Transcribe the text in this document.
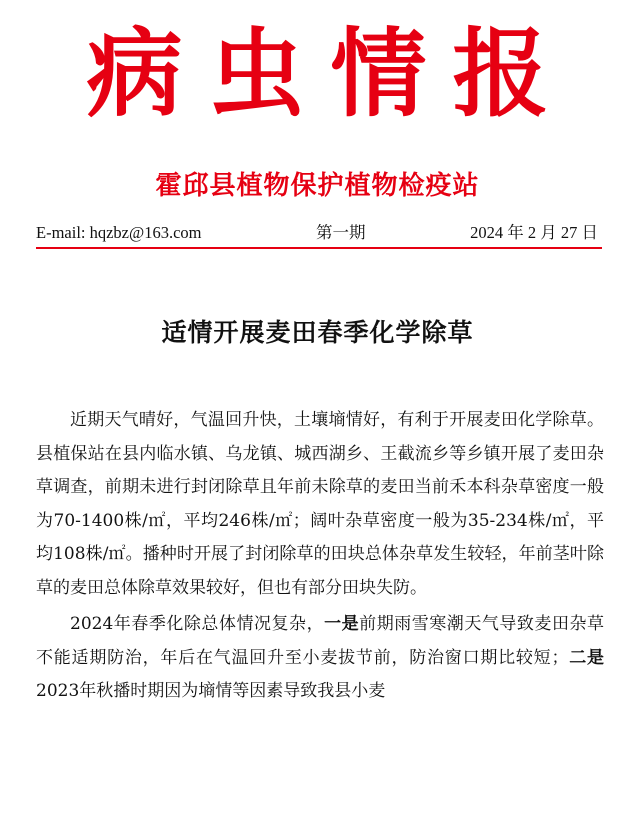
病虫情报
霍邱县植物保护植物检疫站
E-mail: hqzbz@163.com	第一期	2024 年 2 月 27 日
适情开展麦田春季化学除草

近期天气晴好，气温回升快，土壤墒情好，有利于开展麦田化学除草。县植保站在县内临水镇、乌龙镇、城西湖乡、王截流乡等乡镇开展了麦田杂草调查，前期未进行封闭除草且年前未除草的麦田当前禾本科杂草密度一般为70-1400株/㎡，平均246株/㎡；阔叶杂草密度一般为35-234株/㎡，平均108株/㎡。播种时开展了封闭除草的田块总体杂草发生较轻，年前茎叶除草的麦田总体除草效果较好，但也有部分田块失防。

2024年春季化除总体情况复杂，一是前期雨雪寒潮天气导致麦田杂草不能适期防治，年后在气温回升至小麦拔节前，防治窗口期比较短；二是2023年秋播时期因为墒情等因素导致我县小麦
